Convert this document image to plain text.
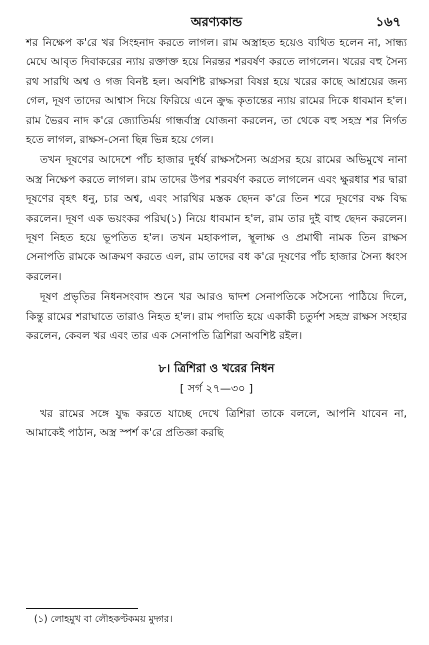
অরণ্যকান্ড	১৬৭

শর নিক্ষেপ ক'রে খর সিংহনাদ করতে লাগল। রাম অস্ত্রাহত হয়েও ব্যথিত হলেন না, সান্ধ্য মেঘে আবৃত দিবাকরের ন্যায় রক্তাক্ত হয়ে নিরন্তর শরবর্ষণ করতে লাগলেন। খরের বহু সৈন্য রথ সারথি অশ্ব ও গজ বিনষ্ট হল। অবশিষ্ট রাক্ষসরা বিষণ্ণ হয়ে খরের কাছে আশ্রয়ের জন্য গেল, দূষণ তাদের আশ্বাস দিয়ে ফিরিয়ে এনে ক্রুদ্ধ কৃতান্তের ন্যায় রামের দিকে ধাবমান হ'ল। রাম ভৈরব নাদ ক'রে জ্যোতির্ময় গান্ধর্বাস্ত্র যোজনা করলেন, তা থেকে বহু সহস্র শর নির্গত হতে লাগল, রাক্ষস-সেনা ছিন্ন ভিন্ন হয়ে গেল।

তখন দূষণের আদেশে পাঁচ হাজার দুর্ধর্ষ রাক্ষসসৈন্য অগ্রসর হয়ে রামের অভিমুখে নানা অস্ত্র নিক্ষেপ করতে লাগল। রাম তাদের উপর শরবর্ষণ করতে লাগলেন এবং ক্ষুরধার শর দ্বারা দূষণের বৃহৎ ধনু, চার অশ্ব, এবং সারথির মস্তক ছেদন ক'রে তিন শরে দূষণের বক্ষ বিদ্ধ করলেন। দূষণ এক ভয়ংকর পরিঘ(১) নিয়ে ধাবমান হ'ল, রাম তার দুই বাহু ছেদন করলেন। দূষণ নিহত হয়ে ভূপতিত হ'ল। তখন মহাকপাল, স্থূলাক্ষ ও প্রমাথী নামক তিন রাক্ষস সেনাপতি রামকে আক্রমণ করতে এল, রাম তাদের বধ ক'রে দূষণের পাঁচ হাজার সৈন্য ধ্বংস করলেন।

দূষণ প্রভৃতির নিধনসংবাদ শুনে খর আরও দ্বাদশ সেনাপতিকে সসৈন্যে পাঠিয়ে দিলে, কিন্তু রামের শরাঘাতে তারাও নিহত হ'ল। রাম পদাতি হয়ে একাকী চতুর্দশ সহস্র রাক্ষস সংহার করলেন, কেবল খর এবং তার এক সেনাপতি ত্রিশিরা অবশিষ্ট রইল।

৮। ত্রিশিরা ও খরের নিধন
[ সর্গ ২৭—৩০ ]

খর রামের সঙ্গে যুদ্ধ করতে যাচ্ছে দেখে ত্রিশিরা তাকে বললে, আপনি যাবেন না, আমাকেই পাঠান, অস্ত্র স্পর্শ ক'রে প্রতিজ্ঞা করছি

(১) লোহমুখ বা লৌহকণ্টকময় মুদ্গর।
